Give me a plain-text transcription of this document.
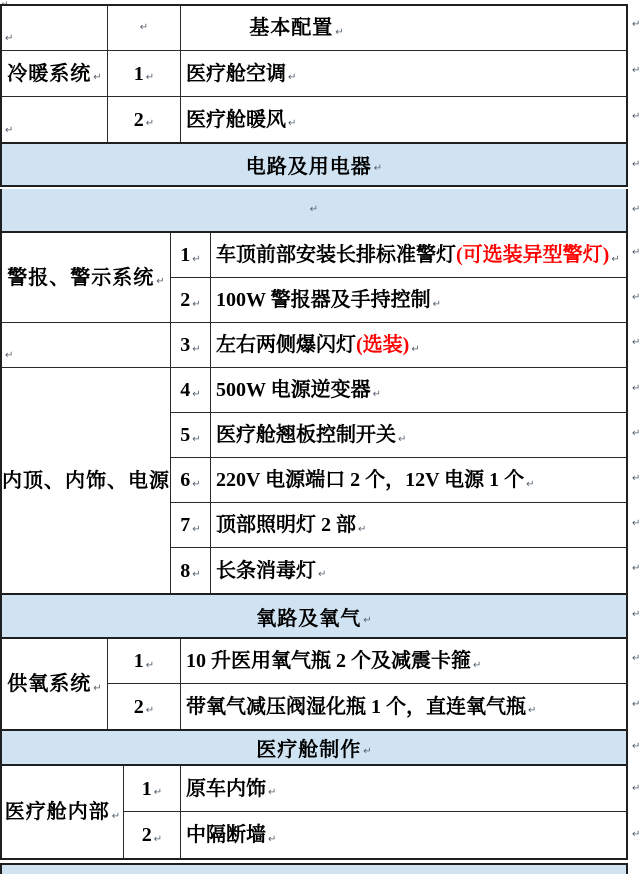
↵
↵	基本配置 ↵
冷暖系统 ↵ 1 ↵ 医疗舱空调 ↵
↵	2 ↵ 医疗舱暖风 ↵
电路及用电器 ↵
↵
警报、警示系统 ↵
↵
内顶、内饰、电源
1 ↵ 车顶前部安装长排标准警灯 (可选装异型警灯) ↵
2 ↵ 100W 警报器及手持控制 ↵
3 ↵ 左右两侧爆闪灯 (选装) ↵
4 ↵ 500W 电源逆变器 ↵
5 ↵ 医疗舱翘板控制开关 ↵
6 ↵ 220V 电源端口 2 个，12V 电源 1 个 ↵
7 ↵ 顶部照明灯 2 部 ↵
8 ↵ 长条消毒灯 ↵
氧路及氧气 ↵
供氧系统 ↵
1 ↵ 10 升医用氧气瓶 2 个及减震卡箍 ↵
2 ↵ 带氧气减压阀湿化瓶 1 个，直连氧气瓶 ↵
医疗舱制作 ↵
医疗舱内部 ↵
1 ↵ 原车内饰 ↵
2 ↵ 中隔断墙 ↵
↵
↵
↵
↵
↵
↵
↵
↵
↵
↵
↵
↵
↵
↵
↵
↵
↵
↵
↵
